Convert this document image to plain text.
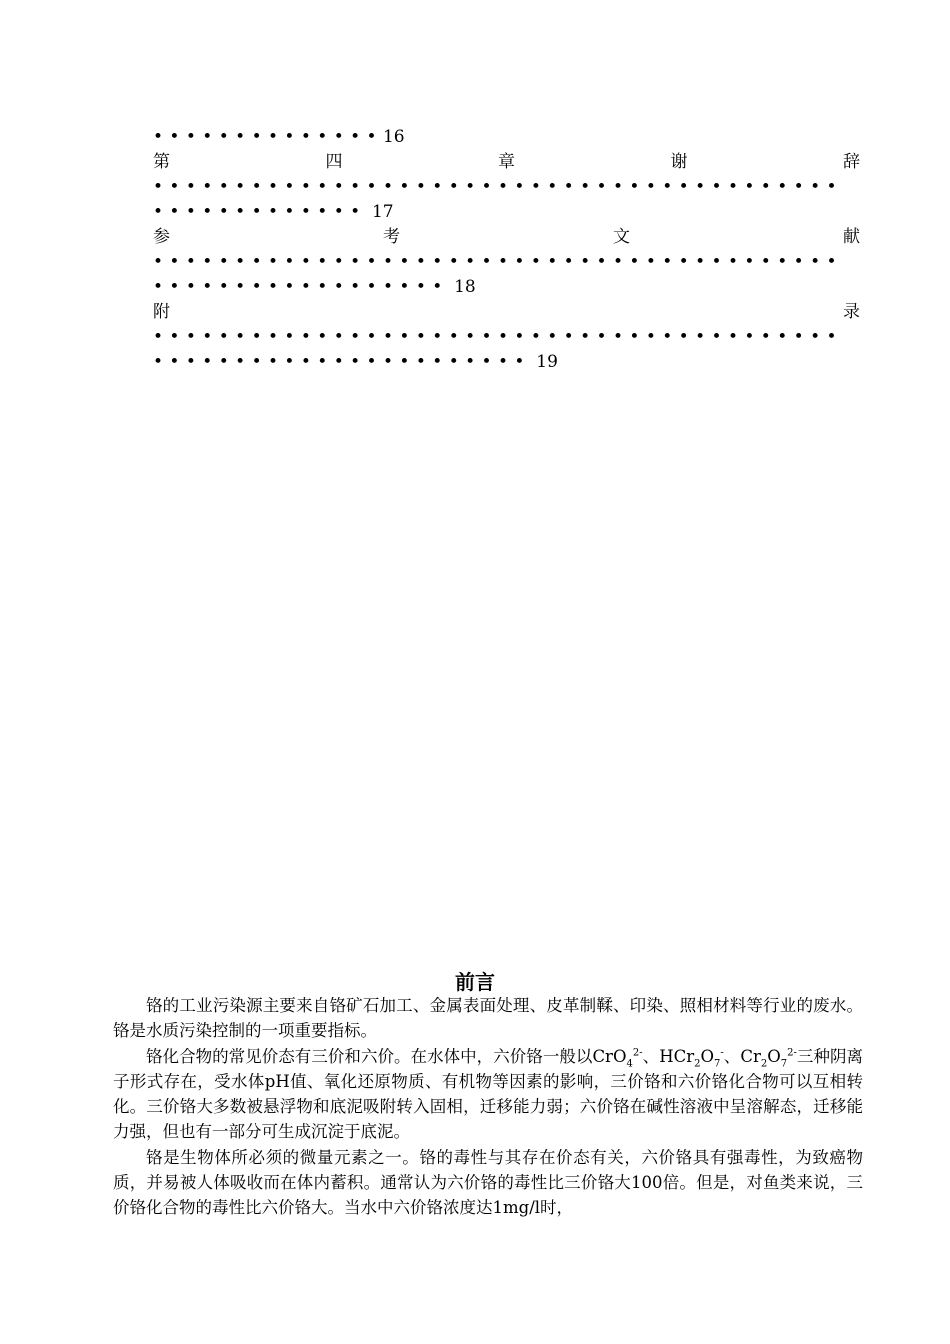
••••••••••••••16
第	四	章	谢	辞
••••••••••••••••••••••••••••••••••••••••••
••••••••••••• 17
参	考	文	献
••••••••••••••••••••••••••••••••••••••••••
•••••••••••••••••• 18
附	录
••••••••••••••••••••••••••••••••••••••••••
••••••••••••••••••••••• 19
前言

铬的工业污染源主要来自铬矿石加工、金属表面处理、皮革制鞣、印染、照相材料等行业的废水。铬是水质污染控制的一项重要指标。

铬化合物的常见价态有三价和六价。在水体中，六价铬一般以CrO$_4^{2-}$、$HCr_2O_7^-$、$Cr_2O_7^{2-}$三种阴离子形式存在，受水体pH值、氧化还原物质、有机物等因素的影响，三价铬和六价铬化合物可以互相转化。三价铬大多数被悬浮物和底泥吸附转入固相，迁移能力弱；六价铬在碱性溶液中呈溶解态，迁移能力强，但也有一部分可生成沉淀于底泥。

铬是生物体所必须的微量元素之一。铬的毒性与其存在价态有关，六价铬具有强毒性，为致癌物质，并易被人体吸收而在体内蓄积。通常认为六价铬的毒性比三价铬大100倍。但是，对鱼类来说，三价铬化合物的毒性比六价铬大。当水中六价铬浓度达1mg/l时，
